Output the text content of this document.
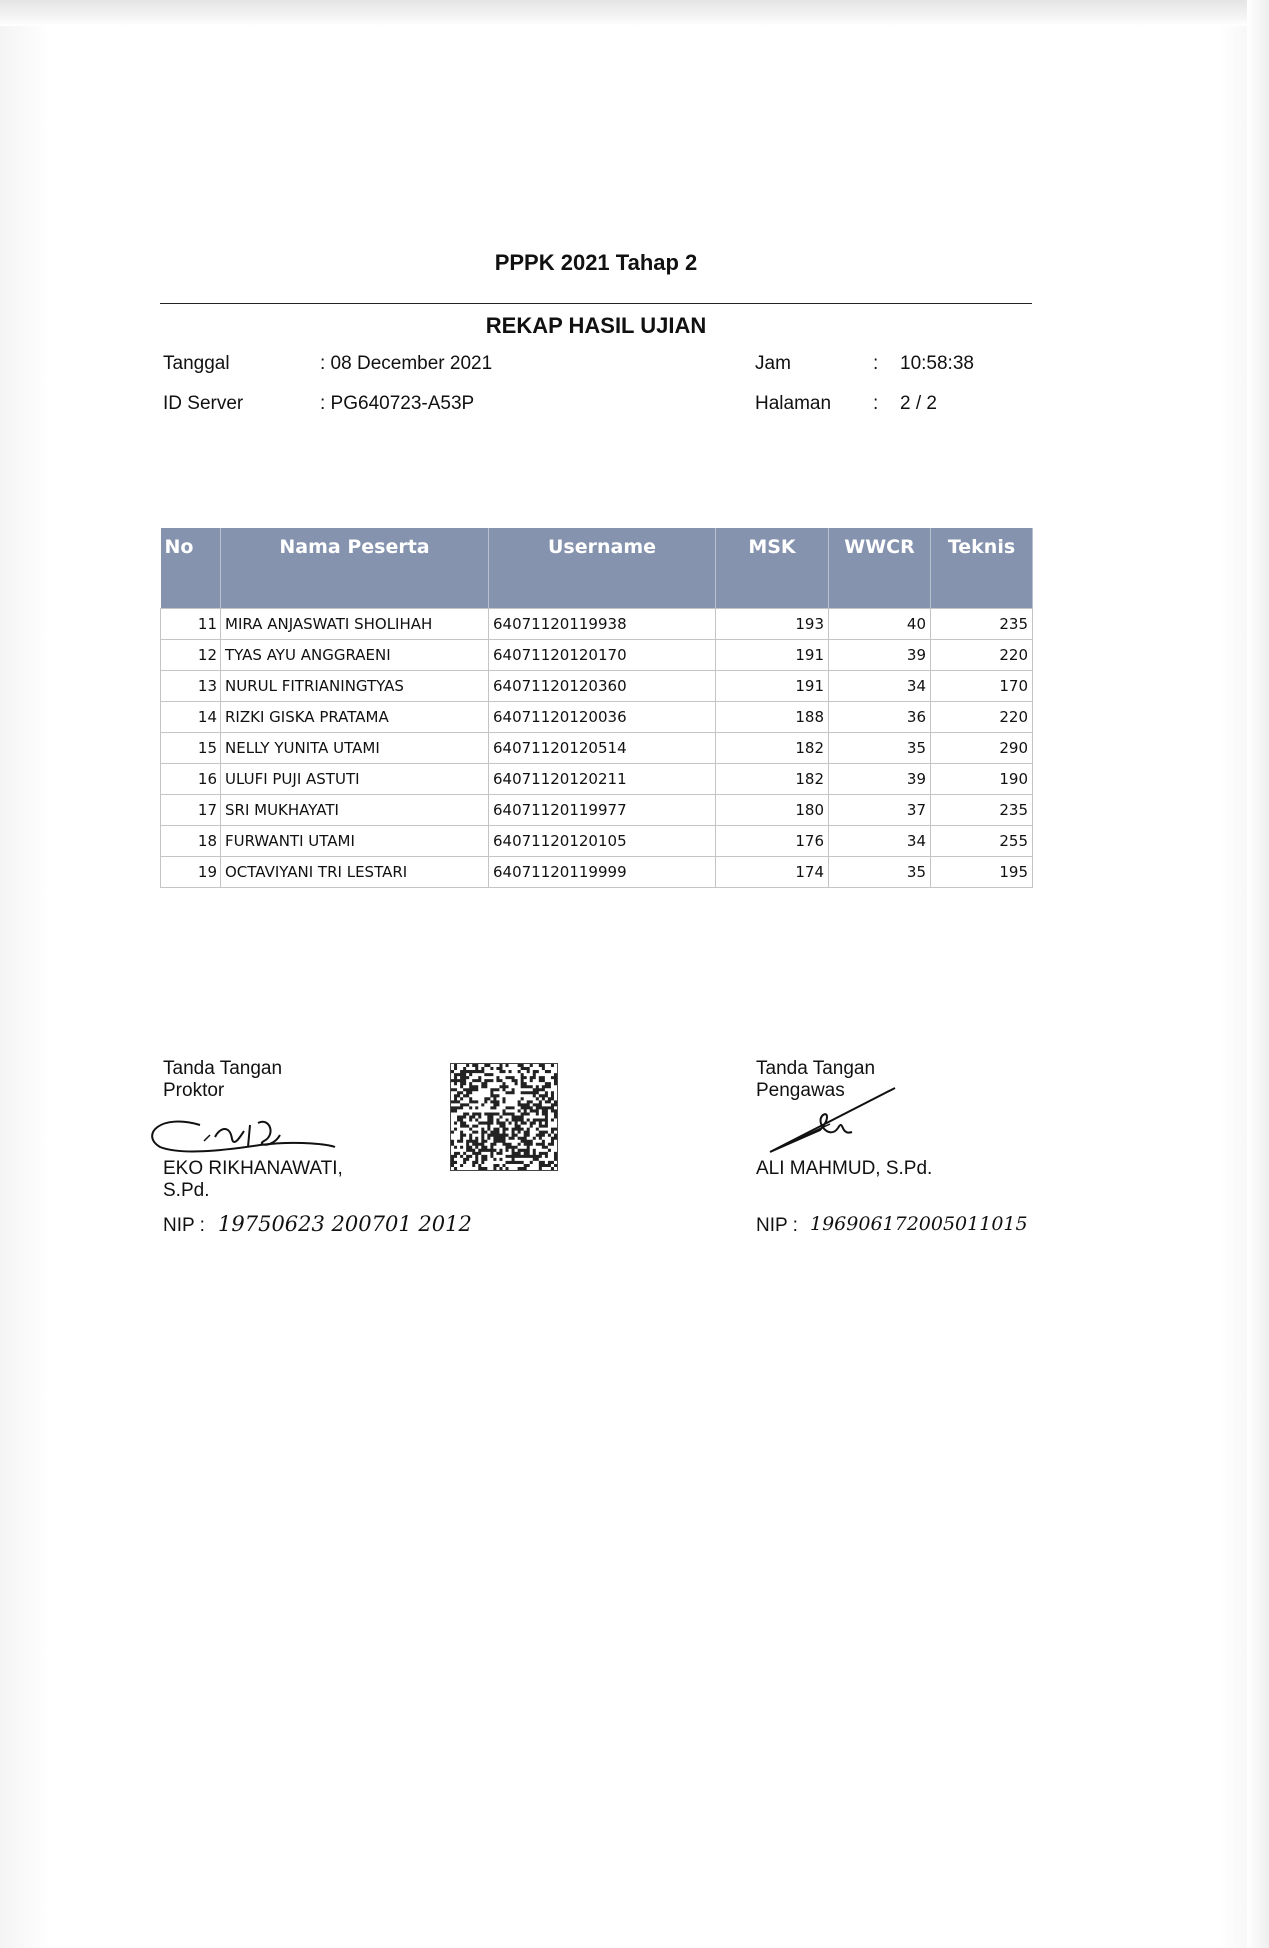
PPPK 2021 Tahap 2
REKAP HASIL UJIAN
Tanggal	: 08 December 2021
ID Server	: PG640723-A53P
Jam	: 10:58:38
Halaman : 2 / 2
No	Nama Peserta	Username	MSK	WWCR	Teknis
11	MIRA ANJASWATI SHOLIHAH	64071120119938	193	40	235
12	TYAS AYU ANGGRAENI	64071120120170	191	39	220
13	NURUL FITRIANINGTYAS	64071120120360	191	34	170
14	RIZKI GISKA PRATAMA	64071120120036	188	36	220
15	NELLY YUNITA UTAMI	64071120120514	182	35	290
16	ULUFI PUJI ASTUTI	64071120120211	182	39	190
17	SRI MUKHAYATI	64071120119977	180	37	235
18	FURWANTI UTAMI	64071120120105	176	34	255
19	OCTAVIYANI TRI LESTARI	64071120119999	174	35	195
Tanda Tangan
Proktor
EKO RIKHANAWATI,
S.Pd.
NIP : 19750623 200701 2012
Tanda Tangan
Pengawas
ALI MAHMUD, S.Pd.
NIP : 196906172005011015
